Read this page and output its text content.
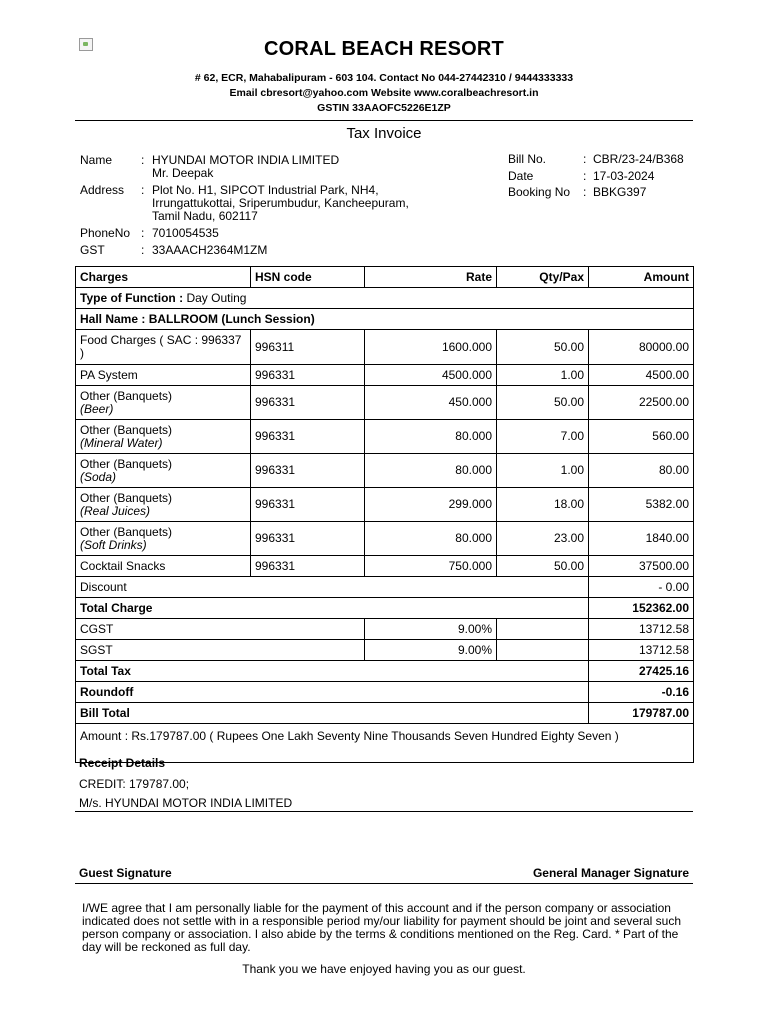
CORAL BEACH RESORT
# 62, ECR, Mahabalipuram - 603 104. Contact No 044-27442310 / 9444333333
Email cbresort@yahoo.com Website www.coralbeachresort.in
GSTIN 33AAOFC5226E1ZP
Tax Invoice
Name : HYUNDAI MOTOR INDIA LIMITED
Mr. Deepak
Address : Plot No. H1, SIPCOT Industrial Park, NH4,
Irrungattukottai, Sriperumbudur, Kancheepuram,
Tamil Nadu, 602117
PhoneNo : 7010054535
GST	: 33AAACH2364M1ZM
Bill No.	: CBR/23-24/B368
Date	: 17-03-2024
Booking No : BBKG397
Charges	HSN code	Rate	Qty/Pax	Amount
Type of Function : Day Outing				
Hall Name : BALLROOM (Lunch Session)				
Food Charges ( SAC : 996337 )	996311	1600.000	50.00	80000.00
PA System	996331	4500.000	1.00	4500.00

Other (Banquets)
(Beer)	996331	450.000	50.00	22500.00

Other (Banquets)
(Mineral Water)	996331	80.000	7.00	560.00

Other (Banquets)
(Soda)	996331	80.000	1.00	80.00

Other (Banquets)
(Real Juices)	996331	299.000	18.00	5382.00

Other (Banquets)
(Soft Drinks)	996331	80.000	23.00	1840.00
Cocktail Snacks	996331	750.000	50.00	37500.00
Discount				- 0.00
Total Charge				152362.00
CGST		9.00%		13712.58
SGST		9.00%		13712.58
Total Tax				27425.16
Roundoff				-0.16
Bill Total				179787.00
Amount : Rs.179787.00 ( Rupees One Lakh Seventy Nine Thousands Seven Hundred Eighty Seven )				
Receipt Details
CREDIT: 179787.00;
M/s. HYUNDAI MOTOR INDIA LIMITED
Guest Signature	General Manager Signature
I/WE agree that I am personally liable for the payment of this account and if the person company or association indicated does not settle with in a responsible period my/our liability for payment should be joint and several such person company or association. I also abide by the terms & conditions mentioned on the Reg. Card. * Part of the day will be reckoned as full day.
Thank you we have enjoyed having you as our guest.
